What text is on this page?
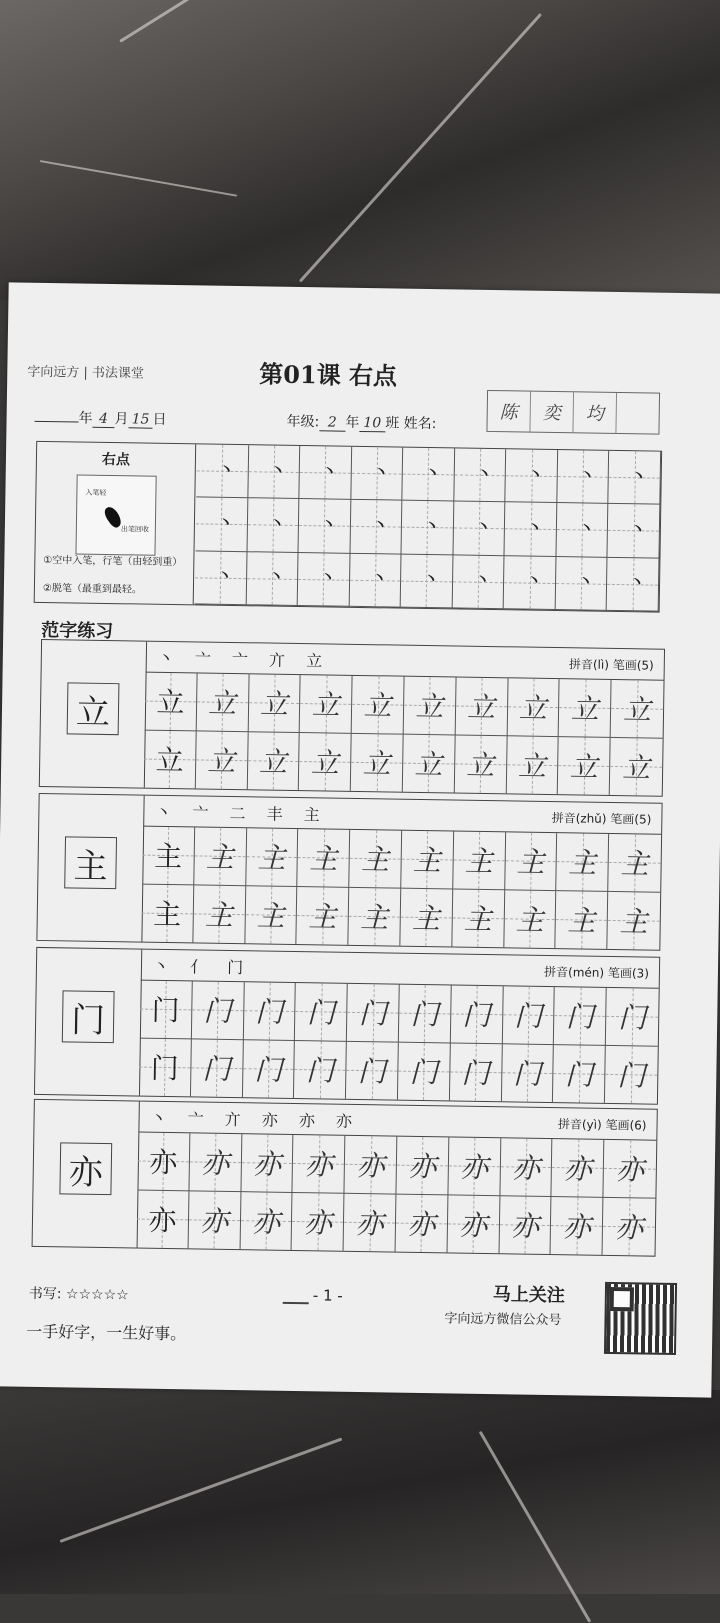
字向远方 | 书法课堂	第01课 右点
年 4 月 15 日	年级: 2 年 10 班 姓名:
陈	奕	均
右点
入笔轻
出笔回收
①空中入笔，行笔（由轻到重）
②脱笔（最重到最轻。
丶 丶 丶 丶 丶 丶 丶 丶 丶
丶 丶 丶 丶 丶 丶 丶 丶 丶
丶 丶 丶 丶 丶 丶 丶 丶 丶
范字练习
立
丶 亠 亠 亣 立	拼音(lì) 笔画(5)
立 立 立 立 立 立 立 立 立 立
立 立 立 立 立 立 立 立 立 立
主
丶 亠 二 丰 主	拼音(zhǔ) 笔画(5)
主 主 主 主 主 主 主 主 主 主
主 主 主 主 主 主 主 主 主 主
门
丶 亻 门	拼音(mén) 笔画(3)
门 门 门 门 门 门 门 门 门 门
门 门 门 门 门 门 门 门 门 门
亦
丶 亠 亣 亦 亦 亦	拼音(yì) 笔画(6)
亦 亦 亦 亦 亦 亦 亦 亦 亦 亦
亦 亦 亦 亦 亦 亦 亦 亦 亦 亦
书写: ☆☆☆☆☆
一手好字，一生好事。
- 1 -	马上关注
字向远方微信公众号
